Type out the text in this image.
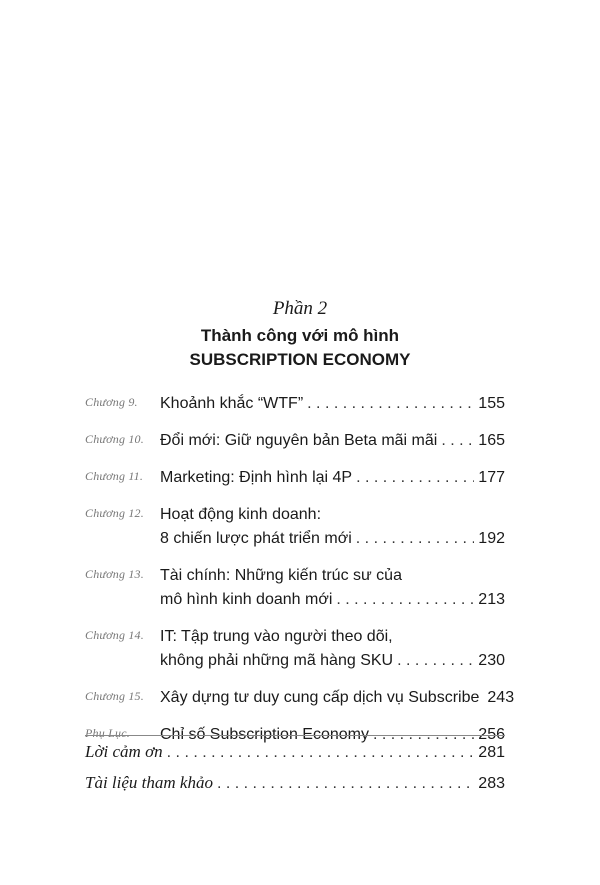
Phần 2
Thành công với mô hình
SUBSCRIPTION ECONOMY
Chương 9. Khoảnh khắc “WTF” . . .	155
Chương 10. Đổi mới: Giữ nguyên bản Beta mãi mãi . . .	165
Chương 11. Marketing: Định hình lại 4P . . .	177
Chương 12. Hoạt động kinh doanh:
8 chiến lược phát triển mới . . .	192
Chương 13. Tài chính: Những kiến trúc sư của
mô hình kinh doanh mới . . .	213
Chương 14. IT: Tập trung vào người theo dõi,
không phải những mã hàng SKU . . .	230
Chương 15. Xây dựng tư duy cung cấp dịch vụ Subscribe 243
Phụ Lục. Chỉ số Subscription Economy . . .	256
Lời cảm ơn . . .	281
Tài liệu tham khảo . . .	283
